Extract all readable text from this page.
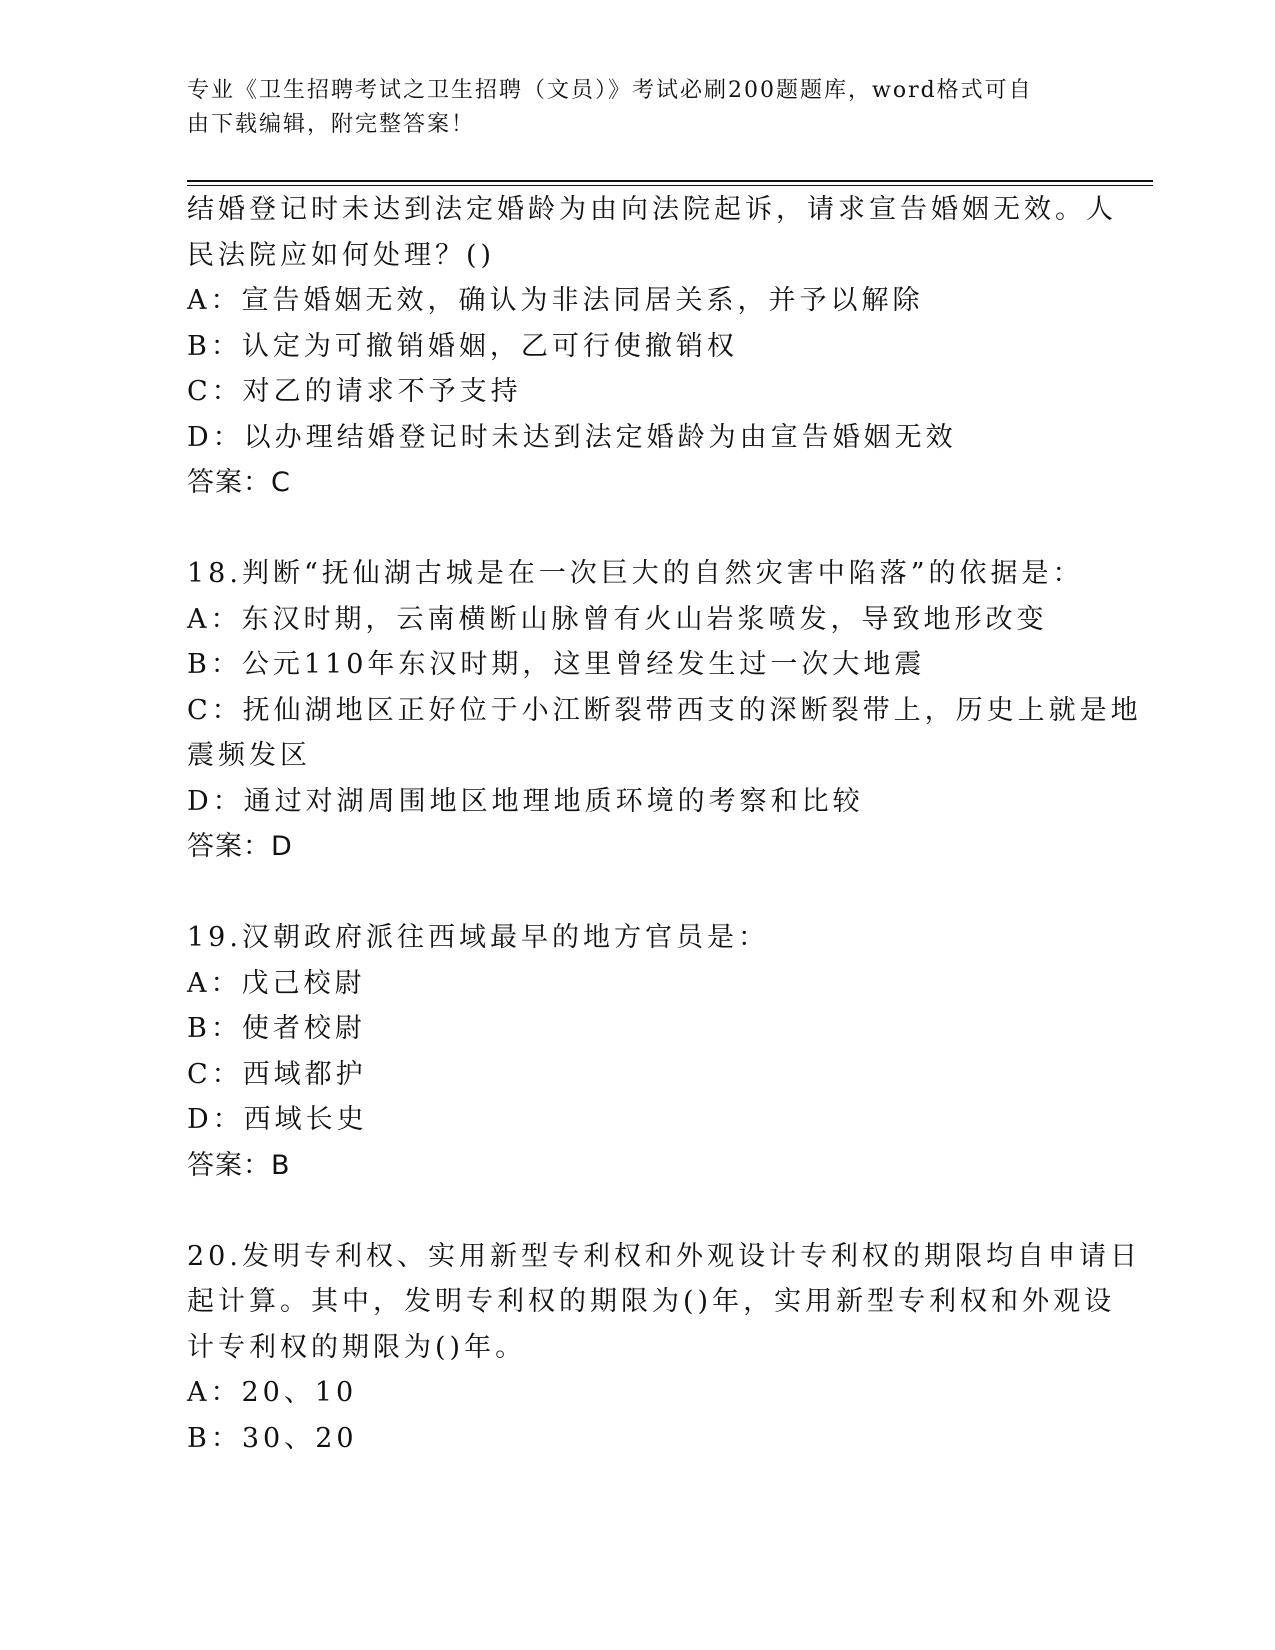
专业《卫生招聘考试之卫生招聘（文员）》考试必刷200题题库，word格式可自
由下载编辑，附完整答案！
结婚登记时未达到法定婚龄为由向法院起诉，请求宣告婚姻无效。人
民法院应如何处理？()
A：宣告婚姻无效，确认为非法同居关系，并予以解除
B：认定为可撤销婚姻，乙可行使撤销权
C：对乙的请求不予支持
D：以办理结婚登记时未达到法定婚龄为由宣告婚姻无效
答案：C
18.判断“抚仙湖古城是在一次巨大的自然灾害中陷落”的依据是：
A：东汉时期，云南横断山脉曾有火山岩浆喷发，导致地形改变
B：公元110年东汉时期，这里曾经发生过一次大地震
C：抚仙湖地区正好位于小江断裂带西支的深断裂带上，历史上就是地
震频发区
D：通过对湖周围地区地理地质环境的考察和比较
答案：D
19.汉朝政府派往西域最早的地方官员是：
A：戊己校尉
B：使者校尉
C：西域都护
D：西域长史
答案：B
20.发明专利权、实用新型专利权和外观设计专利权的期限均自申请日
起计算。其中，发明专利权的期限为()年，实用新型专利权和外观设
计专利权的期限为()年。
A：20、10
B：30、20
